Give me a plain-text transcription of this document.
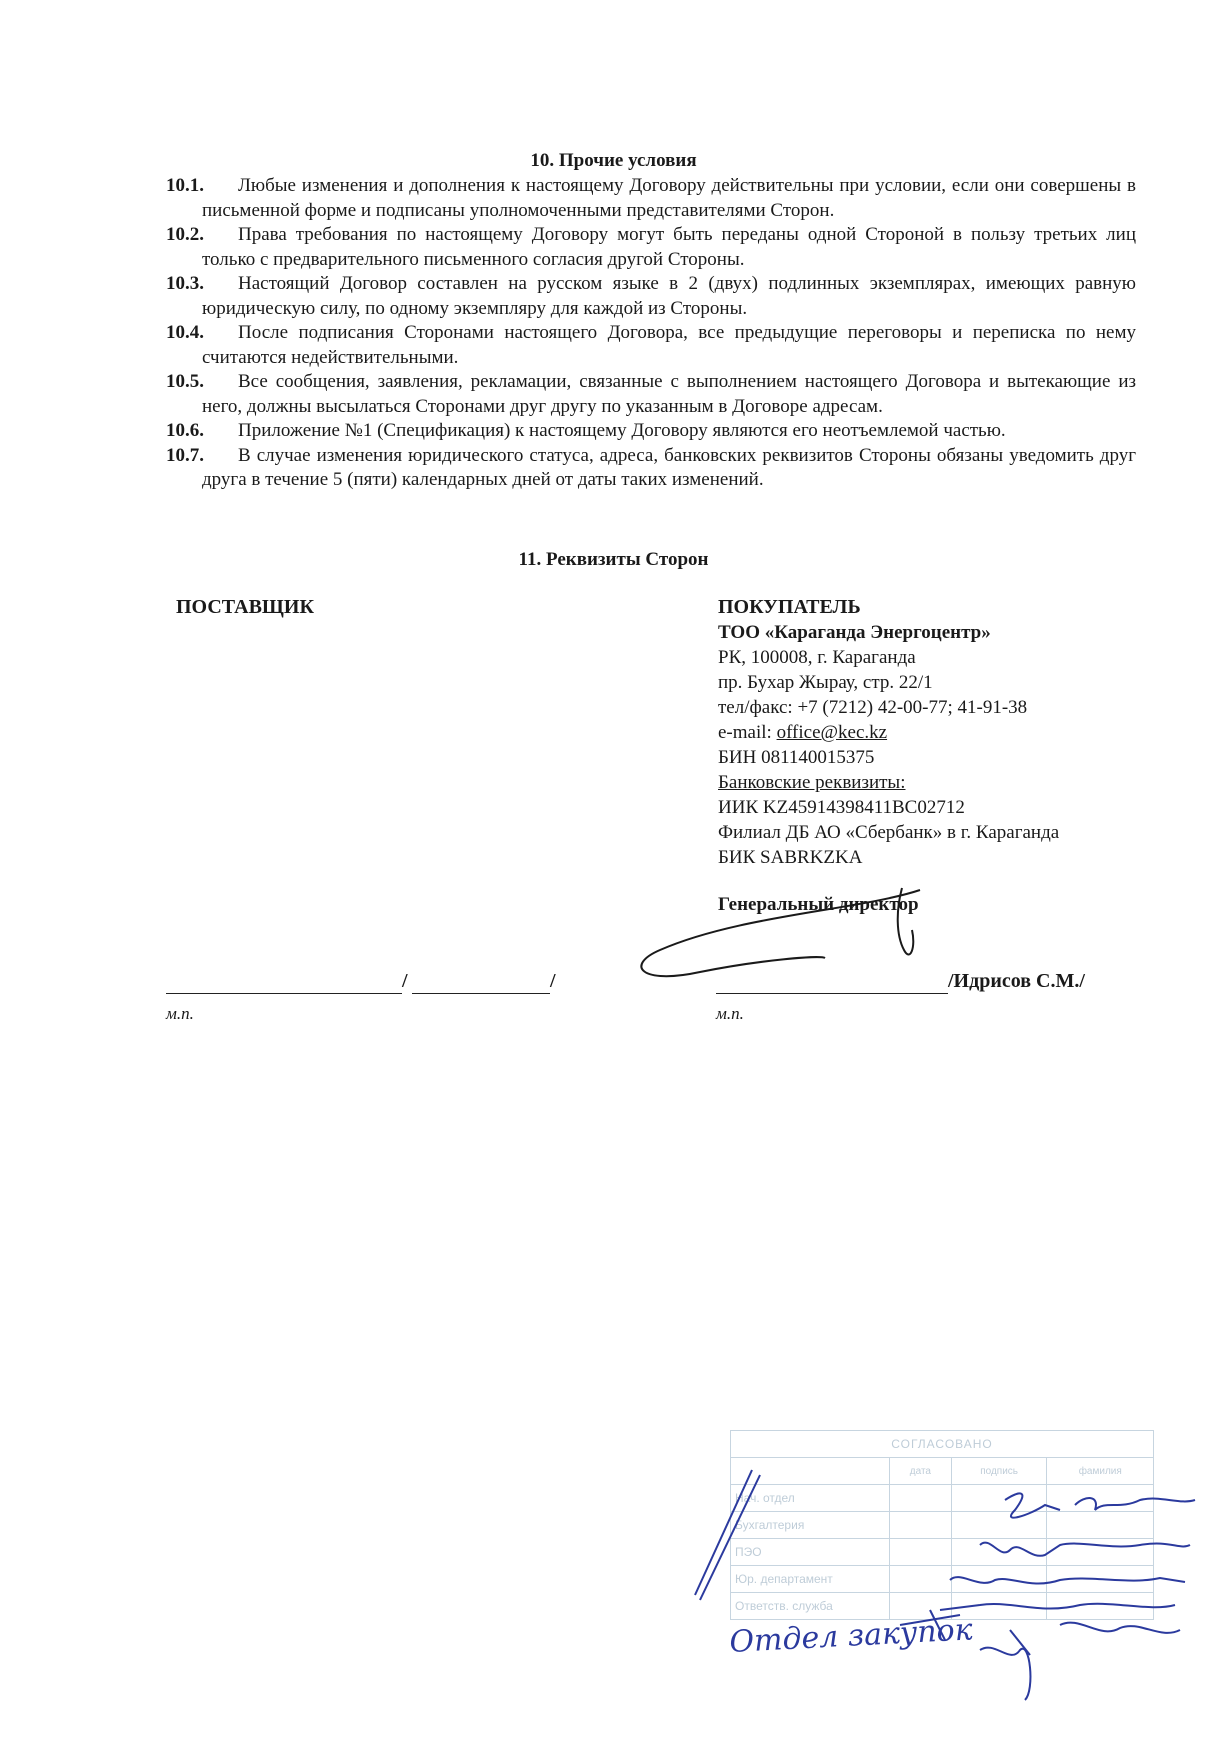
10. Прочие условия
10.1.	Любые изменения и дополнения к настоящему Договору действительны при условии, если они совершены в письменной форме и подписаны уполномоченными представителями Сторон.
10.2.	Права требования по настоящему Договору могут быть переданы одной Стороной в пользу третьих лиц только с предварительного письменного согласия другой Стороны.
10.3.	Настоящий Договор составлен на русском языке в 2 (двух) подлинных экземплярах, имеющих равную юридическую силу, по одному экземпляру для каждой из Стороны.
10.4.	После подписания Сторонами настоящего Договора, все предыдущие переговоры и переписка по нему считаются недействительными.
10.5.	Все сообщения, заявления, рекламации, связанные с выполнением настоящего Договора и вытекающие из него, должны высылаться Сторонами друг другу по указанным в Договоре адресам.
10.6.	Приложение №1 (Спецификация) к настоящему Договору являются его неотъемлемой частью.
10.7.	В случае изменения юридического статуса, адреса, банковских реквизитов Стороны обязаны уведомить друг друга в течение 5 (пяти) календарных дней от даты таких изменений.
11. Реквизиты Сторон
ПОСТАВЩИК	ПОКУПАТЕЛЬ
ТОО «Караганда Энергоцентр»
РК, 100008, г. Караганда
пр. Бухар Жырау, стр. 22/1
тел/факс: +7 (7212) 42-00-77; 41-91-38
e-mail: office@kec.kz
БИН 081140015375
Банковские реквизиты:
ИИК KZ45914398411BC02712
Филиал ДБ АО «Сбербанк» в г. Караганда
БИК SABRKZKA
Генеральный директор
/	/
м.п.
/Идрисов С.М./
м.п.
СОГЛАСОВАНО			
	дата	подпись	фамилия
Нач. отдел			
Бухгалтерия			
ПЭО			
Юр. департамент			
Ответств. служба			
Отдел закупок
